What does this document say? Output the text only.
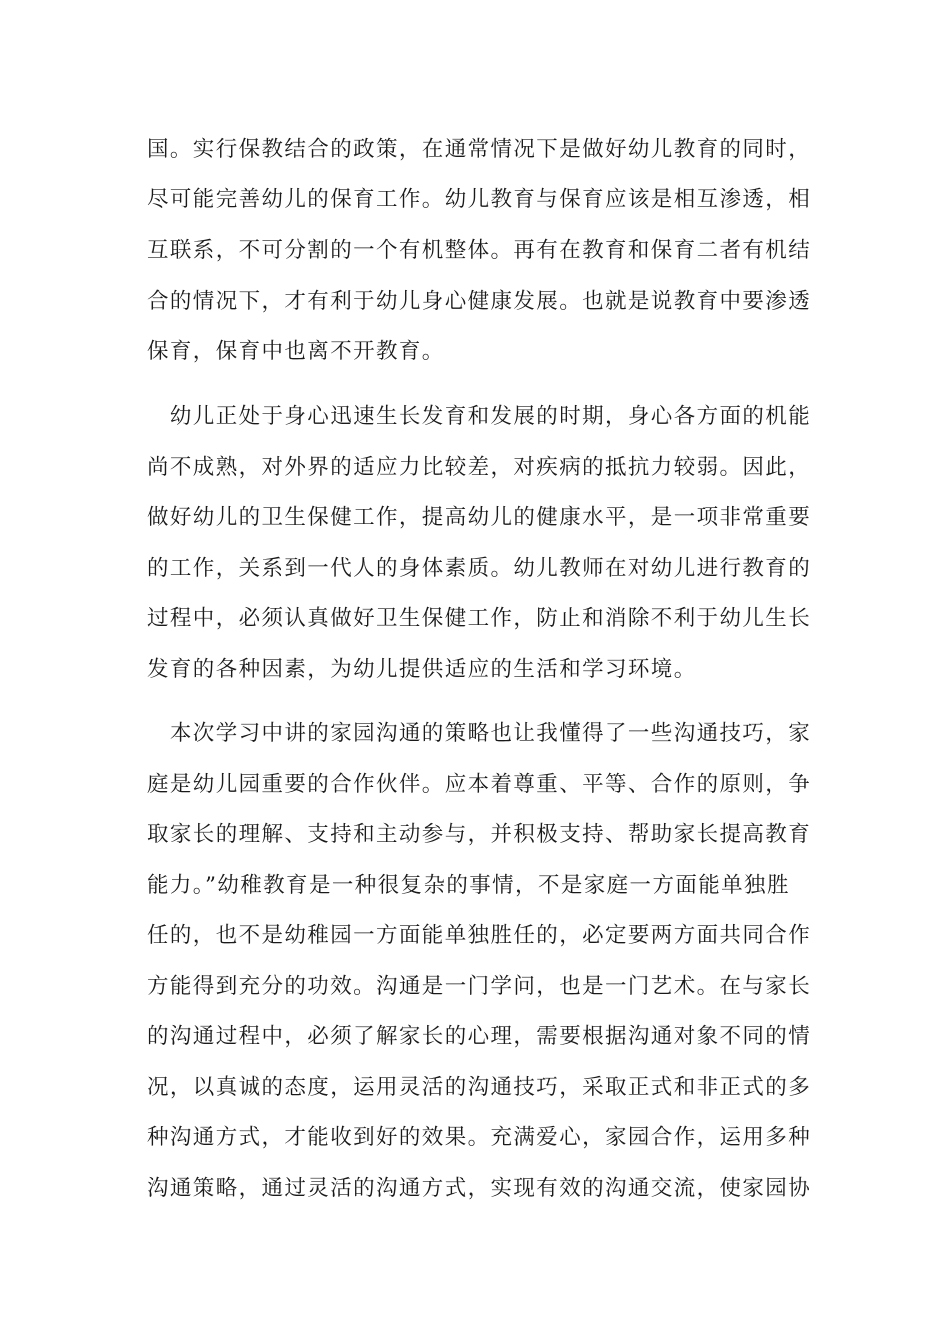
国。实行保教结合的政策，在通常情况下是做好幼儿教育的同时，
尽可能完善幼儿的保育工作。幼儿教育与保育应该是相互渗透，相
互联系，不可分割的一个有机整体。再有在教育和保育二者有机结
合的情况下，才有利于幼儿身心健康发展。也就是说教育中要渗透
保育，保育中也离不开教育。
　幼儿正处于身心迅速生长发育和发展的时期，身心各方面的机能
尚不成熟，对外界的适应力比较差，对疾病的抵抗力较弱。因此，
做好幼儿的卫生保健工作，提高幼儿的健康水平，是一项非常重要
的工作，关系到一代人的身体素质。幼儿教师在对幼儿进行教育的
过程中，必须认真做好卫生保健工作，防止和消除不利于幼儿生长
发育的各种因素，为幼儿提供适应的生活和学习环境。
　本次学习中讲的家园沟通的策略也让我懂得了一些沟通技巧，家
庭是幼儿园重要的合作伙伴。应本着尊重、平等、合作的原则，争
取家长的理解、支持和主动参与，并积极支持、帮助家长提高教育
能力。”幼稚教育是一种很复杂的事情，不是家庭一方面能单独胜
任的，也不是幼稚园一方面能单独胜任的，必定要两方面共同合作
方能得到充分的功效。沟通是一门学问，也是一门艺术。在与家长
的沟通过程中，必须了解家长的心理，需要根据沟通对象不同的情
况，以真诚的态度，运用灵活的沟通技巧，采取正式和非正式的多
种沟通方式，才能收到好的效果。充满爱心，家园合作，运用多种
沟通策略，通过灵活的沟通方式，实现有效的沟通交流，使家园协
